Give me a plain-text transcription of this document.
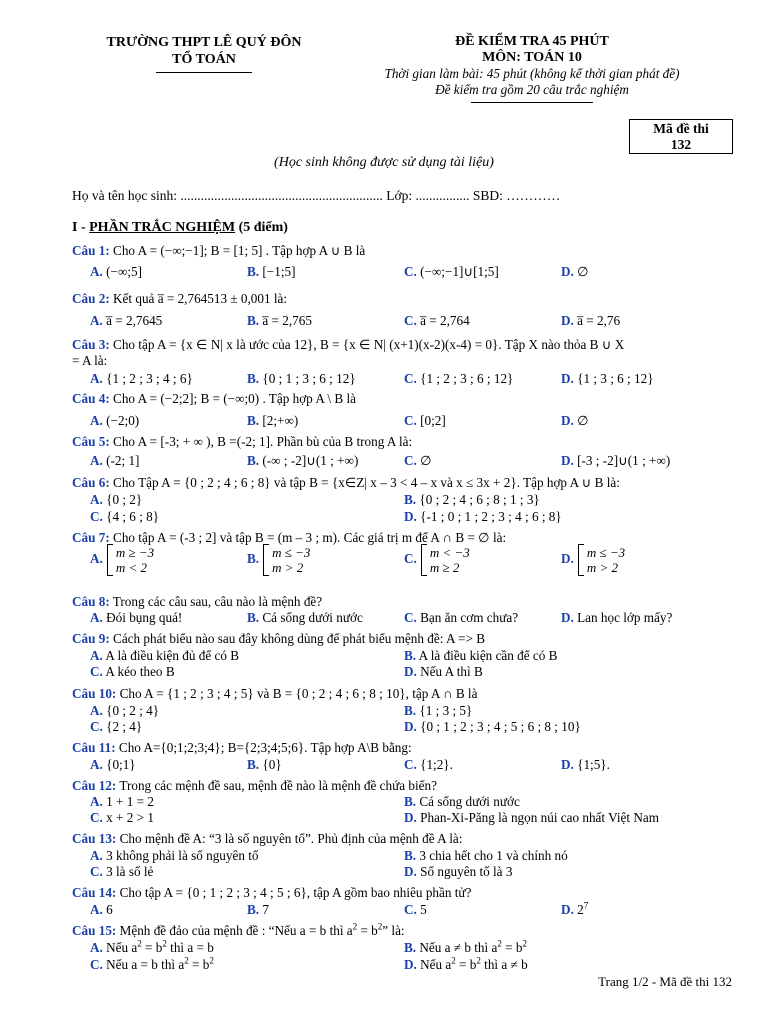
TRƯỜNG THPT LÊ QUÝ ĐÔN
TỔ TOÁN
ĐỀ KIỂM TRA 45 PHÚT
MÔN: TOÁN 10
Thời gian làm bài: 45 phút (không kể thời gian phát đề)
Đề kiểm tra gồm 20 câu trắc nghiệm
Mã đề thi
132
(Học sinh không được sử dụng tài liệu)
Họ và tên học sinh: ............................................................ Lớp: ................ SBD: …………
I - PHẦN TRẮC NGHIỆM (5 điểm)
Câu 1: Cho A = (−∞;−1]; B = [1; 5] . Tập hợp A ∪ B là
A. (−∞;5]	B. [−1;5]	C. (−∞;−1]∪[1;5]	D. ∅
Câu 2: Kết quả a̅ = 2,764513 ± 0,001 là:
A. a̅ = 2,7645	B. a̅ = 2,765	C. a̅ = 2,764	D. a̅ = 2,76
Câu 3: Cho tập A = {x ∈ N| x là ước của 12}, B = {x ∈ N| (x+1)(x-2)(x-4) = 0}. Tập X nào thỏa B ∪ X
= A là:
A. {1 ; 2 ; 3 ; 4 ; 6}	B. {0 ; 1 ; 3 ; 6 ; 12}	C. {1 ; 2 ; 3 ; 6 ; 12}	D. {1 ; 3 ; 6 ; 12}
Câu 4: Cho A = (−2;2]; B = (−∞;0) . Tập hợp A \ B là
A. (−2;0)	B. [2;+∞)	C. [0;2]	D. ∅
Câu 5: Cho A = [-3; + ∞ ), B =(-2; 1]. Phần bù của B trong A là:
A. (-2; 1]	B. (-∞ ; -2]∪(1 ; +∞)	C. ∅	D. [-3 ; -2]∪(1 ; +∞)
Câu 6: Cho Tập A = {0 ; 2 ; 4 ; 6 ; 8} và tập B = {x∈Z| x – 3 < 4 – x và x ≤ 3x + 2}. Tập hợp A ∪ B là:
A. {0 ; 2}	B. {0 ; 2 ; 4 ; 6 ; 8 ; 1 ; 3}
C. {4 ; 6 ; 8}	D. {-1 ; 0 ; 1 ; 2 ; 3 ; 4 ; 6 ; 8}
Câu 7: Cho tập A = (-3 ; 2] và tập B = (m – 3 ; m). Các giá trị m để A ∩ B = ∅ là:
A. m ≥ −3
m < 2
B. m ≤ −3
m > 2
C. m < −3
m ≥ 2
D. m ≤ −3
m > 2
Câu 8: Trong các câu sau, câu nào là mệnh đề?
A. Đói bụng quá!	B. Cá sống dưới nước	C. Bạn ăn cơm chưa?	D. Lan học lớp mấy?
Câu 9: Cách phát biểu nào sau đây không dùng để phát biểu mệnh đề: A => B
A. A là điều kiện đủ để có B	B. A là điều kiện cần để có B
C. A kéo theo B	D. Nếu A thì B
Câu 10: Cho A = {1 ; 2 ; 3 ; 4 ; 5} và B = {0 ; 2 ; 4 ; 6 ; 8 ; 10}, tập A ∩ B là
A. {0 ; 2 ; 4}	B. {1 ; 3 ; 5}
C. {2 ; 4}	D. {0 ; 1 ; 2 ; 3 ; 4 ; 5 ; 6 ; 8 ; 10}
Câu 11: Cho A={0;1;2;3;4}; B={2;3;4;5;6}. Tập hợp A\B bằng:
A. {0;1}	B. {0}	C. {1;2}.	D. {1;5}.
Câu 12: Trong các mệnh đề sau, mệnh đề nào là mệnh đề chứa biến?
A. 1 + 1 = 2	B. Cá sống dưới nước
C. x + 2 > 1	D. Phan-Xi-Păng là ngọn núi cao nhất Việt Nam
Câu 13: Cho mệnh đề A: “3 là số nguyên tố”. Phủ định của mệnh đề A là:
A. 3 không phải là số nguyên tố	B. 3 chia hết cho 1 và chính nó
C. 3 là số lẻ	D. Số nguyên tố là 3
Câu 14: Cho tập A = {0 ; 1 ; 2 ; 3 ; 4 ; 5 ; 6}, tập A gồm bao nhiêu phần tử?
A. 6	B. 7	C. 5	D. $2^7$
Câu 15: Mệnh đề đảo của mệnh đề : “Nếu a = b thì $a^2 = b^2$” là:
A. Nếu $a^2 = b^2$ thì a = b	B. Nếu a ≠ b thì $a^2 = b^2$
C. Nếu a = b thì $a^2 = b^2$	D. Nếu $a^2 = b^2$ thì a ≠ b
Trang 1/2 - Mã đề thi 132
